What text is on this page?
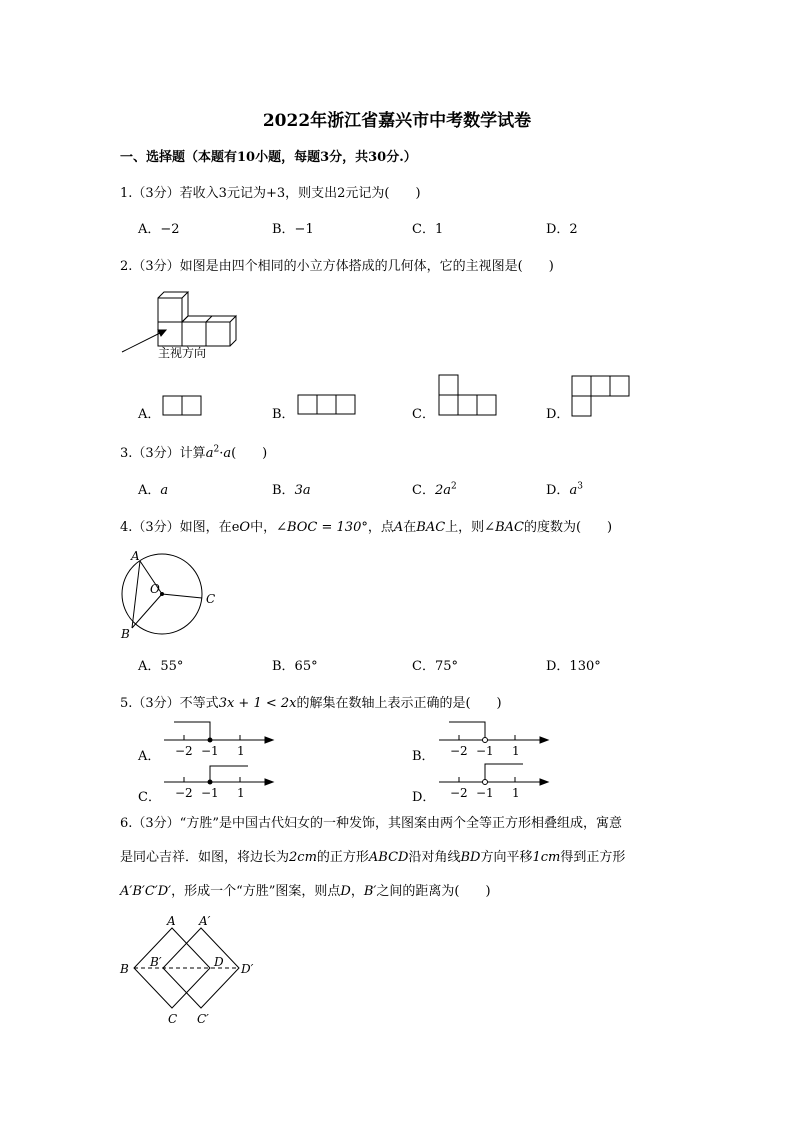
2022年浙江省嘉兴市中考数学试卷
一、选择题（本题有10小题，每题3分，共30分.）
1.（3分）若收入3元记为+3，则支出2元记为(　　)
A．−2	B．−1	C．1	D．2
2.（3分）如图是由四个相同的小立方体搭成的几何体，它的主视图是(　　)
主视方向
A．	B．	C．	D．
3.（3分）计算$a^2\cdot a$(　　)
A．a	B．3a	C．$2a^2$	D．$a^3$
4.（3分）如图，在eO中，∠BOC = 130°，点A在BAC上，则∠BAC的度数为(　　)
A
O
C
B
A．55°	B．65°	C．75°	D．130°
5.（3分）不等式3x + 1 < 2x的解集在数轴上表示正确的是(　　)
A． −2 −1 1	B． −2 −1 1
C． −2 −1 1	D． −2 −1 1
6.（3分）“方胜”是中国古代妇女的一种发饰，其图案由两个全等正方形相叠组成，寓意
是同心吉祥．如图，将边长为2cm的正方形ABCD沿对角线BD方向平移1cm得到正方形
A′B′C′D′，形成一个“方胜”图案，则点D，B′之间的距离为(　　)
A A′
B B′	D D′
C C′
